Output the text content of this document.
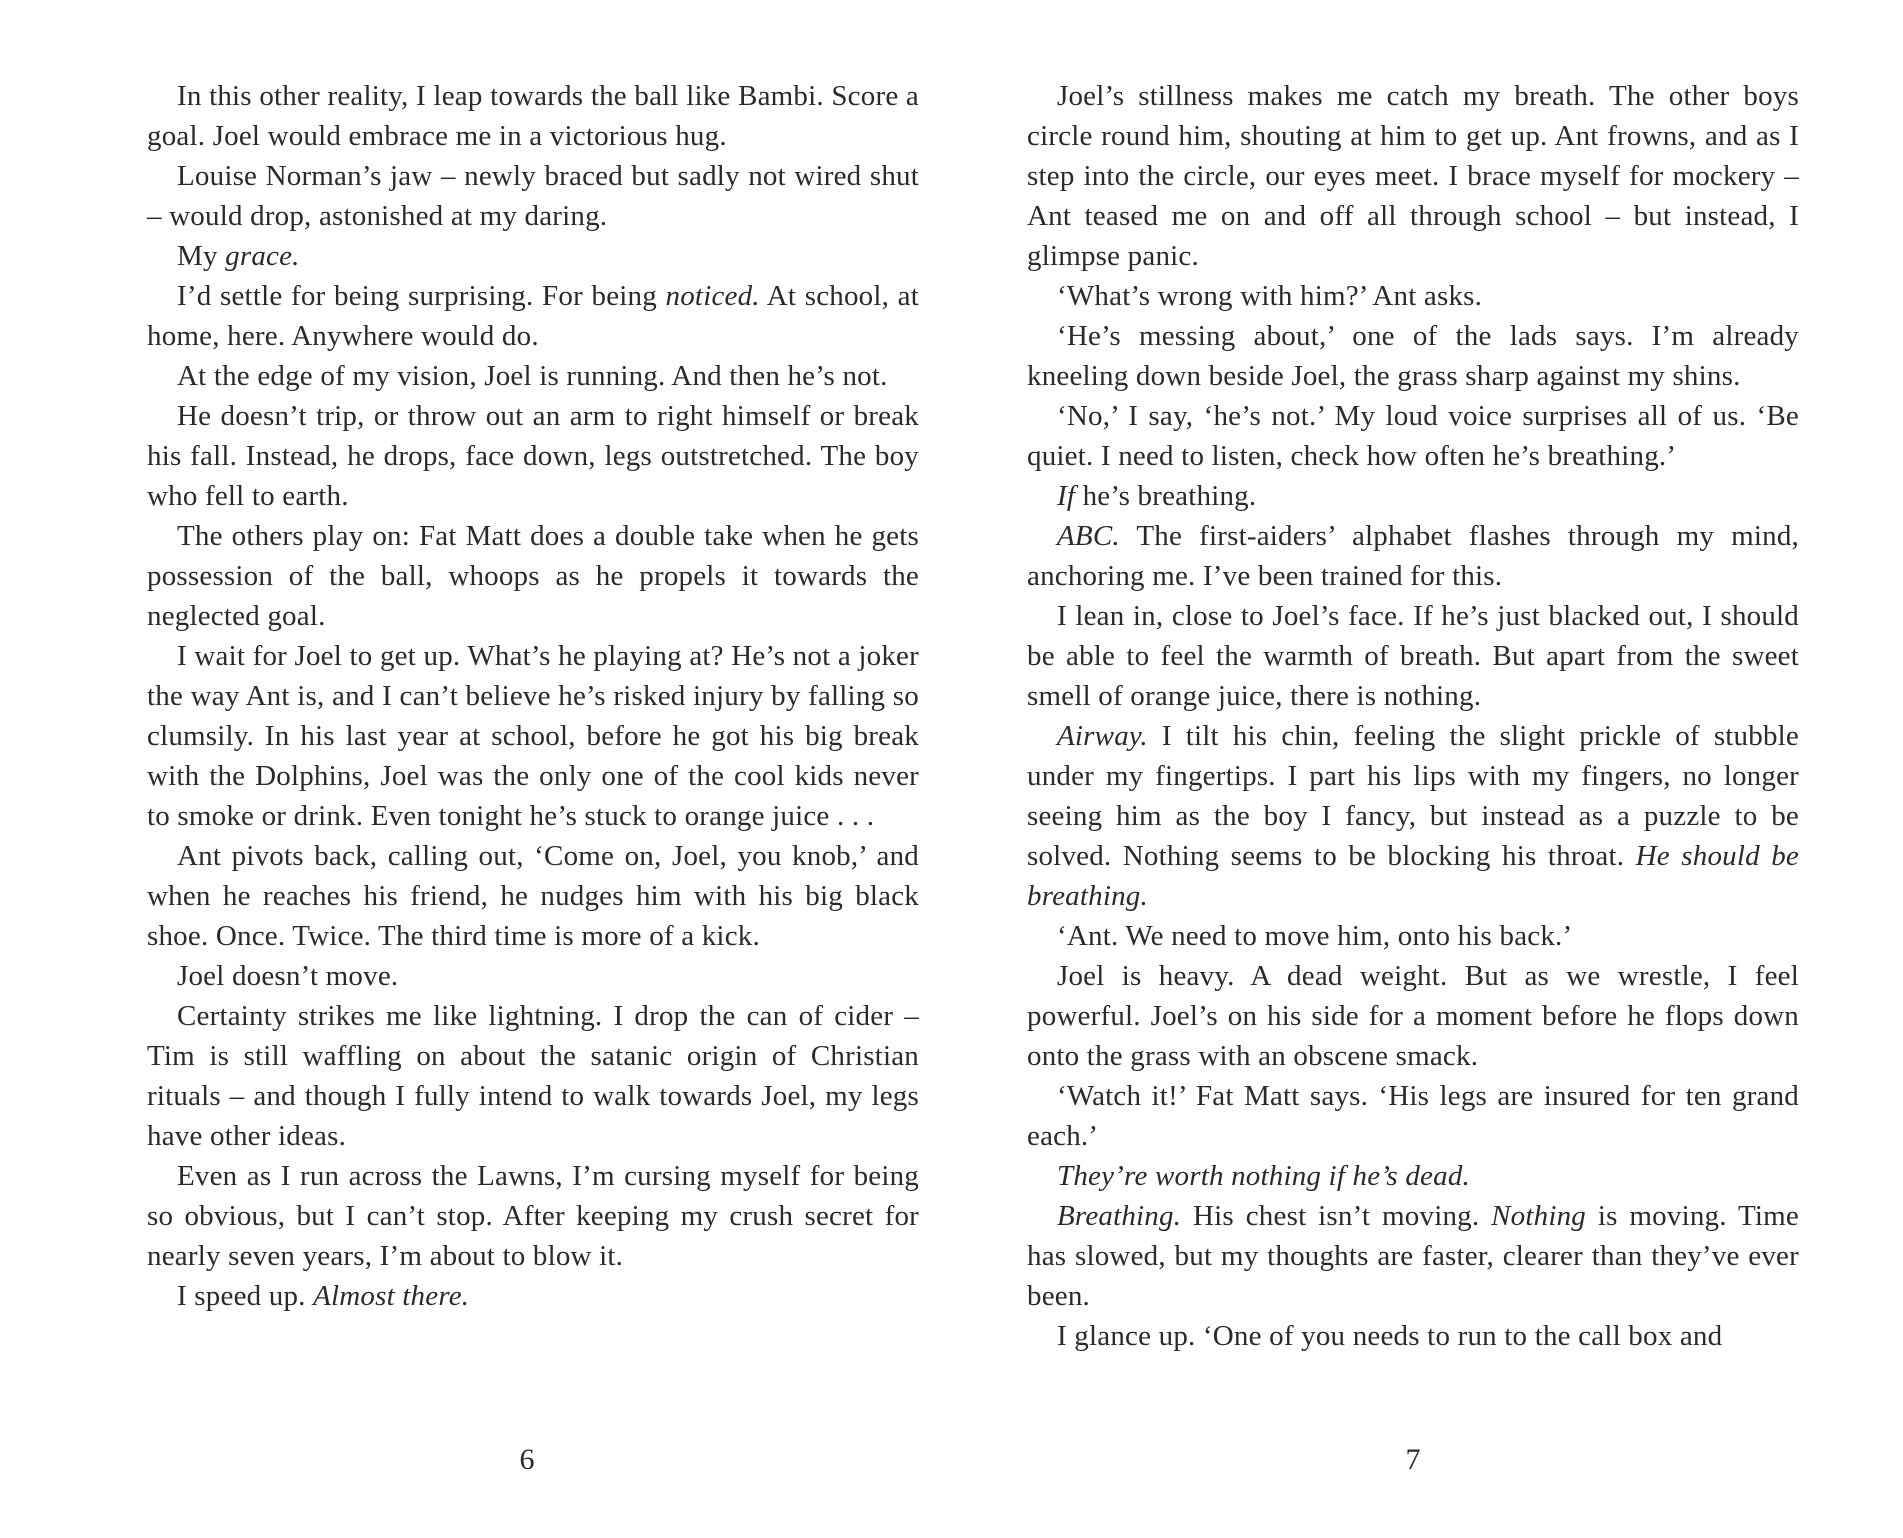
In this other reality, I leap towards the ball like Bambi. Score a goal. Joel would embrace me in a victorious hug.

Louise Norman’s jaw – newly braced but sadly not wired shut – would drop, astonished at my daring.

My grace.

I’d settle for being surprising. For being noticed. At school, at home, here. Anywhere would do.

At the edge of my vision, Joel is running. And then he’s not.

He doesn’t trip, or throw out an arm to right himself or break his fall. Instead, he drops, face down, legs outstretched. The boy who fell to earth.

The others play on: Fat Matt does a double take when he gets possession of the ball, whoops as he propels it towards the neglected goal.

I wait for Joel to get up. What’s he playing at? He’s not a joker the way Ant is, and I can’t believe he’s risked injury by falling so clumsily. In his last year at school, before he got his big break with the Dolphins, Joel was the only one of the cool kids never to smoke or drink. Even tonight he’s stuck to orange juice . . .

Ant pivots back, calling out, ‘Come on, Joel, you knob,’ and when he reaches his friend, he nudges him with his big black shoe. Once. Twice. The third time is more of a kick.

Joel doesn’t move.

Certainty strikes me like lightning. I drop the can of cider – Tim is still waffling on about the satanic origin of Christian rituals – and though I fully intend to walk towards Joel, my legs have other ideas.

Even as I run across the Lawns, I’m cursing myself for being so obvious, but I can’t stop. After keeping my crush secret for nearly seven years, I’m about to blow it.

I speed up. Almost there.

6

Joel’s stillness makes me catch my breath. The other boys circle round him, shouting at him to get up. Ant frowns, and as I step into the circle, our eyes meet. I brace myself for mockery – Ant teased me on and off all through school – but instead, I glimpse panic.

‘What’s wrong with him?’ Ant asks.

‘He’s messing about,’ one of the lads says. I’m already kneeling down beside Joel, the grass sharp against my shins.

‘No,’ I say, ‘he’s not.’ My loud voice surprises all of us. ‘Be quiet. I need to listen, check how often he’s breathing.’

If he’s breathing.

ABC. The first-aiders’ alphabet flashes through my mind, anchoring me. I’ve been trained for this.

I lean in, close to Joel’s face. If he’s just blacked out, I should be able to feel the warmth of breath. But apart from the sweet smell of orange juice, there is nothing.

Airway. I tilt his chin, feeling the slight prickle of stubble under my fingertips. I part his lips with my fingers, no longer seeing him as the boy I fancy, but instead as a puzzle to be solved. Nothing seems to be blocking his throat. He should be breathing.

‘Ant. We need to move him, onto his back.’

Joel is heavy. A dead weight. But as we wrestle, I feel powerful. Joel’s on his side for a moment before he flops down onto the grass with an obscene smack.

‘Watch it!’ Fat Matt says. ‘His legs are insured for ten grand each.’

They’re worth nothing if he’s dead.

Breathing. His chest isn’t moving. Nothing is moving. Time has slowed, but my thoughts are faster, clearer than they’ve ever been.

I glance up. ‘One of you needs to run to the call box and

7
